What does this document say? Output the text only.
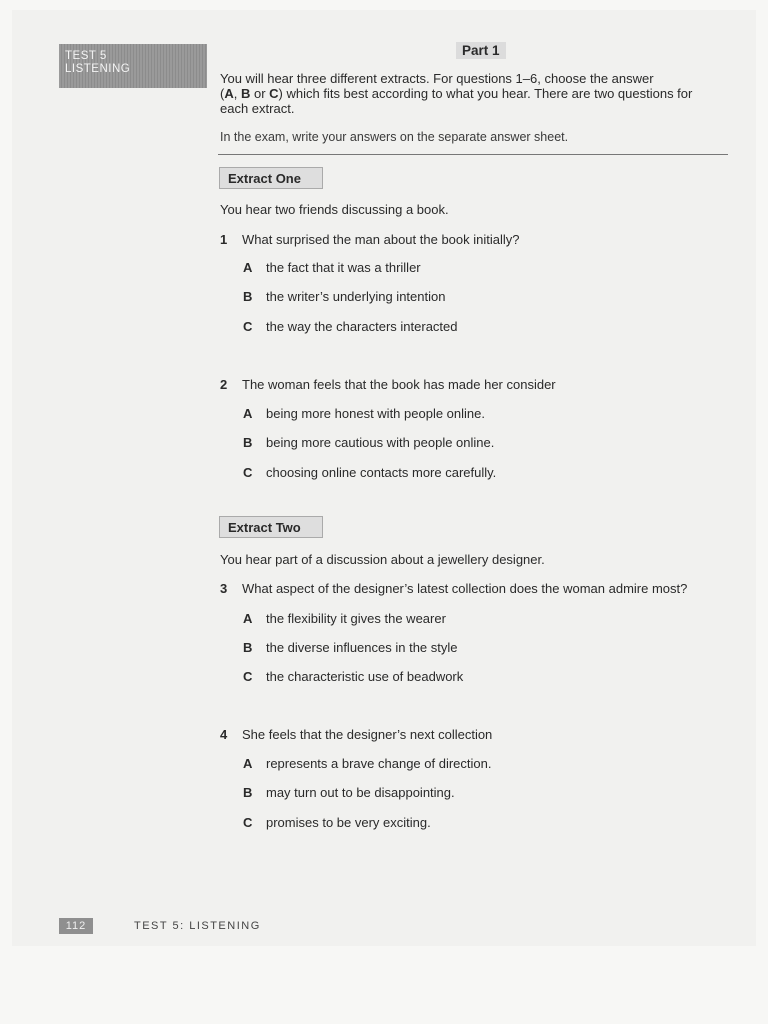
TEST 5
LISTENING
Part 1
You will hear three different extracts. For questions 1–6, choose the answer
(A, B or C) which fits best according to what you hear. There are two questions for
each extract.
In the exam, write your answers on the separate answer sheet.
Extract One
You hear two friends discussing a book.
1 What surprised the man about the book initially?
A the fact that it was a thriller
B the writer’s underlying intention
C the way the characters interacted
2 The woman feels that the book has made her consider
A being more honest with people online.
B being more cautious with people online.
C choosing online contacts more carefully.
Extract Two
You hear part of a discussion about a jewellery designer.
3 What aspect of the designer’s latest collection does the woman admire most?
A the flexibility it gives the wearer
B the diverse influences in the style
C the characteristic use of beadwork
4 She feels that the designer’s next collection
A represents a brave change of direction.
B may turn out to be disappointing.
C promises to be very exciting.
112	TEST 5: LISTENING
